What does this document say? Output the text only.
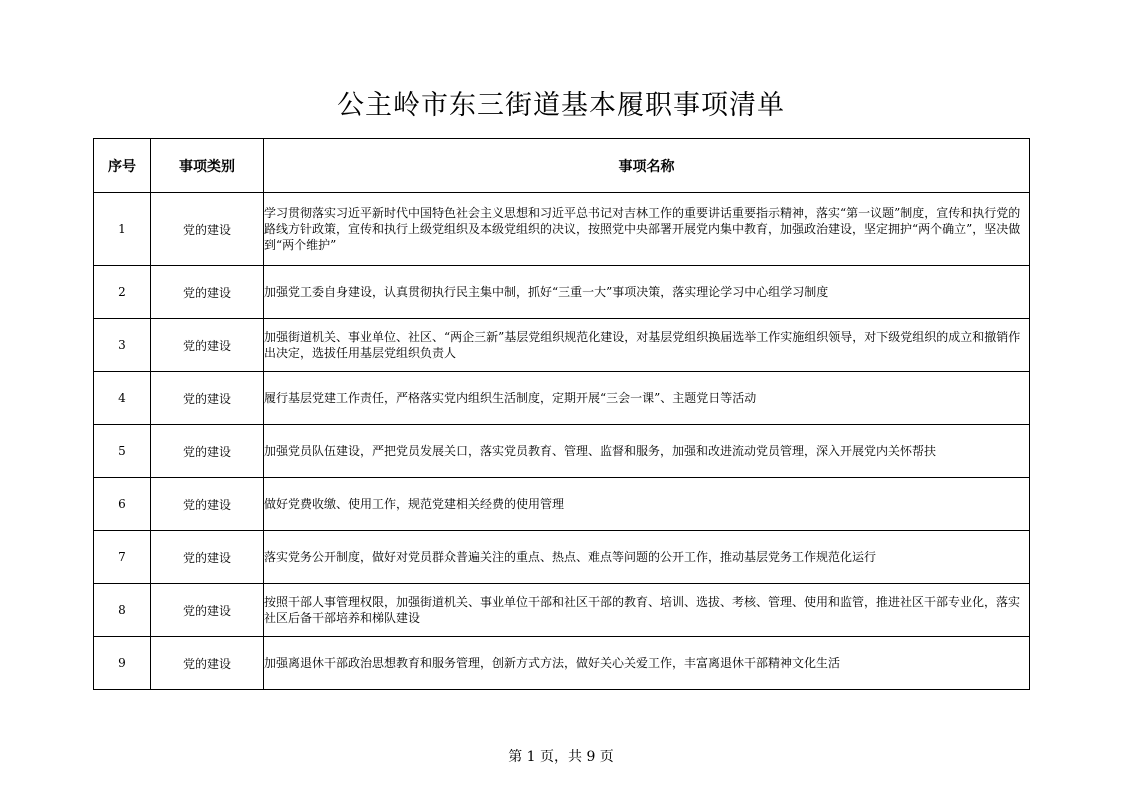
公主岭市东三街道基本履职事项清单
序号	事项类别	事项名称
1	党的建设	学习贯彻落实习近平新时代中国特色社会主义思想和习近平总书记对吉林工作的重要讲话重要指示精神，落实“第一议题”制度，宣传和执行党的路线方针政策，宣传和执行上级党组织及本级党组织的决议，按照党中央部署开展党内集中教育，加强政治建设，坚定拥护“两个确立”，坚决做到“两个维护”
2	党的建设	加强党工委自身建设，认真贯彻执行民主集中制，抓好“三重一大”事项决策，落实理论学习中心组学习制度
3	党的建设	加强街道机关、事业单位、社区、“两企三新”基层党组织规范化建设，对基层党组织换届选举工作实施组织领导，对下级党组织的成立和撤销作出决定，选拔任用基层党组织负责人
4	党的建设	履行基层党建工作责任，严格落实党内组织生活制度，定期开展“三会一课”、主题党日等活动
5	党的建设	加强党员队伍建设，严把党员发展关口，落实党员教育、管理、监督和服务，加强和改进流动党员管理，深入开展党内关怀帮扶
6	党的建设	做好党费收缴、使用工作，规范党建相关经费的使用管理
7	党的建设	落实党务公开制度，做好对党员群众普遍关注的重点、热点、难点等问题的公开工作，推动基层党务工作规范化运行
8	党的建设	按照干部人事管理权限，加强街道机关、事业单位干部和社区干部的教育、培训、选拔、考核、管理、使用和监管，推进社区干部专业化，落实社区后备干部培养和梯队建设
9	党的建设	加强离退休干部政治思想教育和服务管理，创新方式方法，做好关心关爱工作，丰富离退休干部精神文化生活
第 1 页，共 9 页
